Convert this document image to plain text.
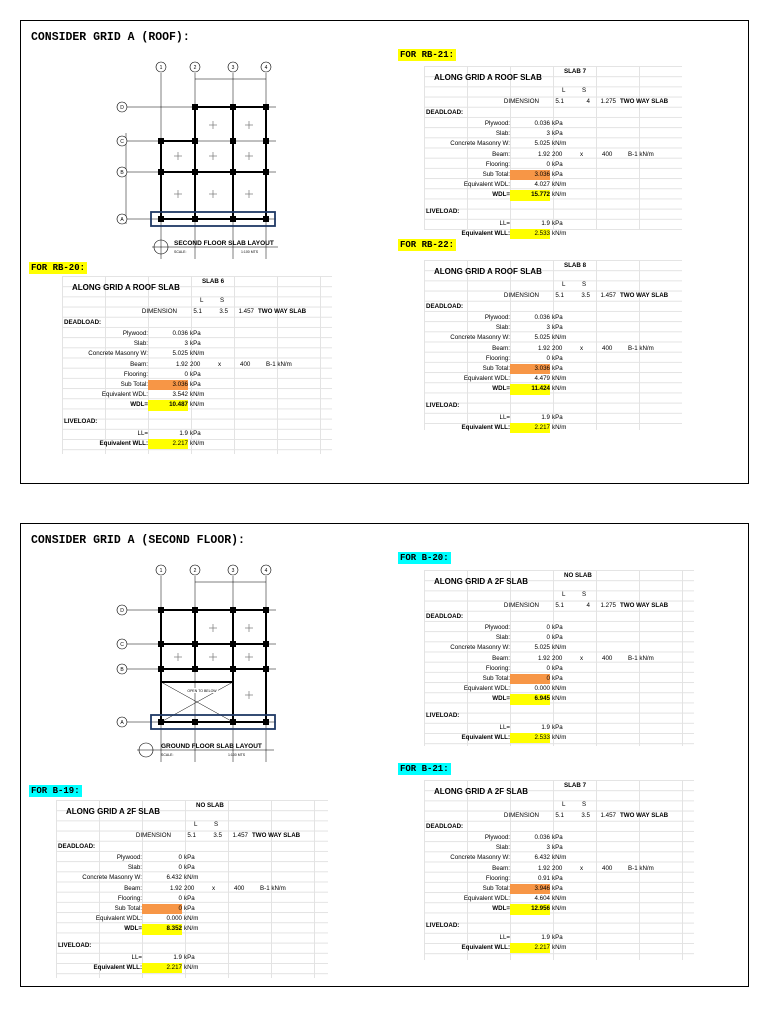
CONSIDER GRID A (ROOF):
1	2	3	4
D
C
B
A
SECOND FLOOR SLAB LAYOUT
SCALE:	1:100 MTS
FOR RB-21:
FOR RB-22:
FOR RB-20:
CONSIDER GRID A (SECOND FLOOR):
OPEN TO BELOW
1	2	3	4
D
C
B
A
GROUND FLOOR SLAB LAYOUT
SCALE:	1:100 MTS
FOR B-20:
FOR B-21:
FOR B-19:
ALONG GRID A ROOF SLAB
SLAB 7
L	S
DIMENSION	5.1	4	1.275 TWO WAY SLAB
DEADLOAD:
Plywood:	0.036 kPa
Slab:	3 kPa
Concrete Masonry W:	5.025 kN/m
Beam:	1.92 200	x	400	B-1 kN/m
Flooring:	0 kPa
Sub Total:	3.036 kPa
Equivalent WDL:	4.027 kN/m
WDL=	15.772 kN/m
LIVELOAD:
LL=	1.9 kPa
Equivalent WLL:	2.533 kN/m
ALONG GRID A ROOF SLAB
SLAB 8
L	S
DIMENSION	5.1	3.5	1.457 TWO WAY SLAB
DEADLOAD:
Plywood:	0.036 kPa
Slab:	3 kPa
Concrete Masonry W:	5.025 kN/m
Beam:	1.92 200	x	400	B-1 kN/m
Flooring:	0 kPa
Sub Total:	3.036 kPa
Equivalent WDL:	4.479 kN/m
WDL=	11.424 kN/m
LIVELOAD:
LL=	1.9 kPa
Equivalent WLL:	2.217 kN/m
ALONG GRID A ROOF SLAB
SLAB 6
L	S
DIMENSION	5.1	3.5	1.457 TWO WAY SLAB
DEADLOAD:
Plywood:	0.036 kPa
Slab:	3 kPa
Concrete Masonry W:	5.025 kN/m
Beam:	1.92 200	x	400	B-1 kN/m
Flooring:	0 kPa
Sub Total:	3.036 kPa
Equivalent WDL:	3.542 kN/m
WDL=	10.487 kN/m
LIVELOAD:
LL=	1.9 kPa
Equivalent WLL:	2.217 kN/m
ALONG GRID A 2F SLAB
NO SLAB
L	S
DIMENSION	5.1	4	1.275 TWO WAY SLAB
DEADLOAD:
Plywood:	0 kPa
Slab:	0 kPa
Concrete Masonry W:	5.025 kN/m
Beam:	1.92 200	x	400	B-1 kN/m
Flooring:	0 kPa
Sub Total:	0 kPa
Equivalent WDL:	0.000 kN/m
WDL=	6.945 kN/m
LIVELOAD:
LL=	1.9 kPa
Equivalent WLL:	2.533 kN/m
ALONG GRID A 2F SLAB
SLAB 7
L	S
DIMENSION	5.1	3.5	1.457 TWO WAY SLAB
DEADLOAD:
Plywood:	0.036 kPa
Slab:	3 kPa
Concrete Masonry W:	6.432 kN/m
Beam:	1.92 200	x	400	B-1 kN/m
Flooring:	0.91 kPa
Sub Total:	3.946 kPa
Equivalent WDL:	4.604 kN/m
WDL=	12.956 kN/m
LIVELOAD:
LL=	1.9 kPa
Equivalent WLL:	2.217 kN/m
ALONG GRID A 2F SLAB
NO SLAB
L	S
DIMENSION	5.1	3.5	1.457 TWO WAY SLAB
DEADLOAD:
Plywood:	0 kPa
Slab:	0 kPa
Concrete Masonry W:	6.432 kN/m
Beam:	1.92 200	x	400	B-1 kN/m
Flooring:	0 kPa
Sub Total:	0 kPa
Equivalent WDL:	0.000 kN/m
WDL=	8.352 kN/m
LIVELOAD:
LL=	1.9 kPa
Equivalent WLL:	2.217 kN/m
